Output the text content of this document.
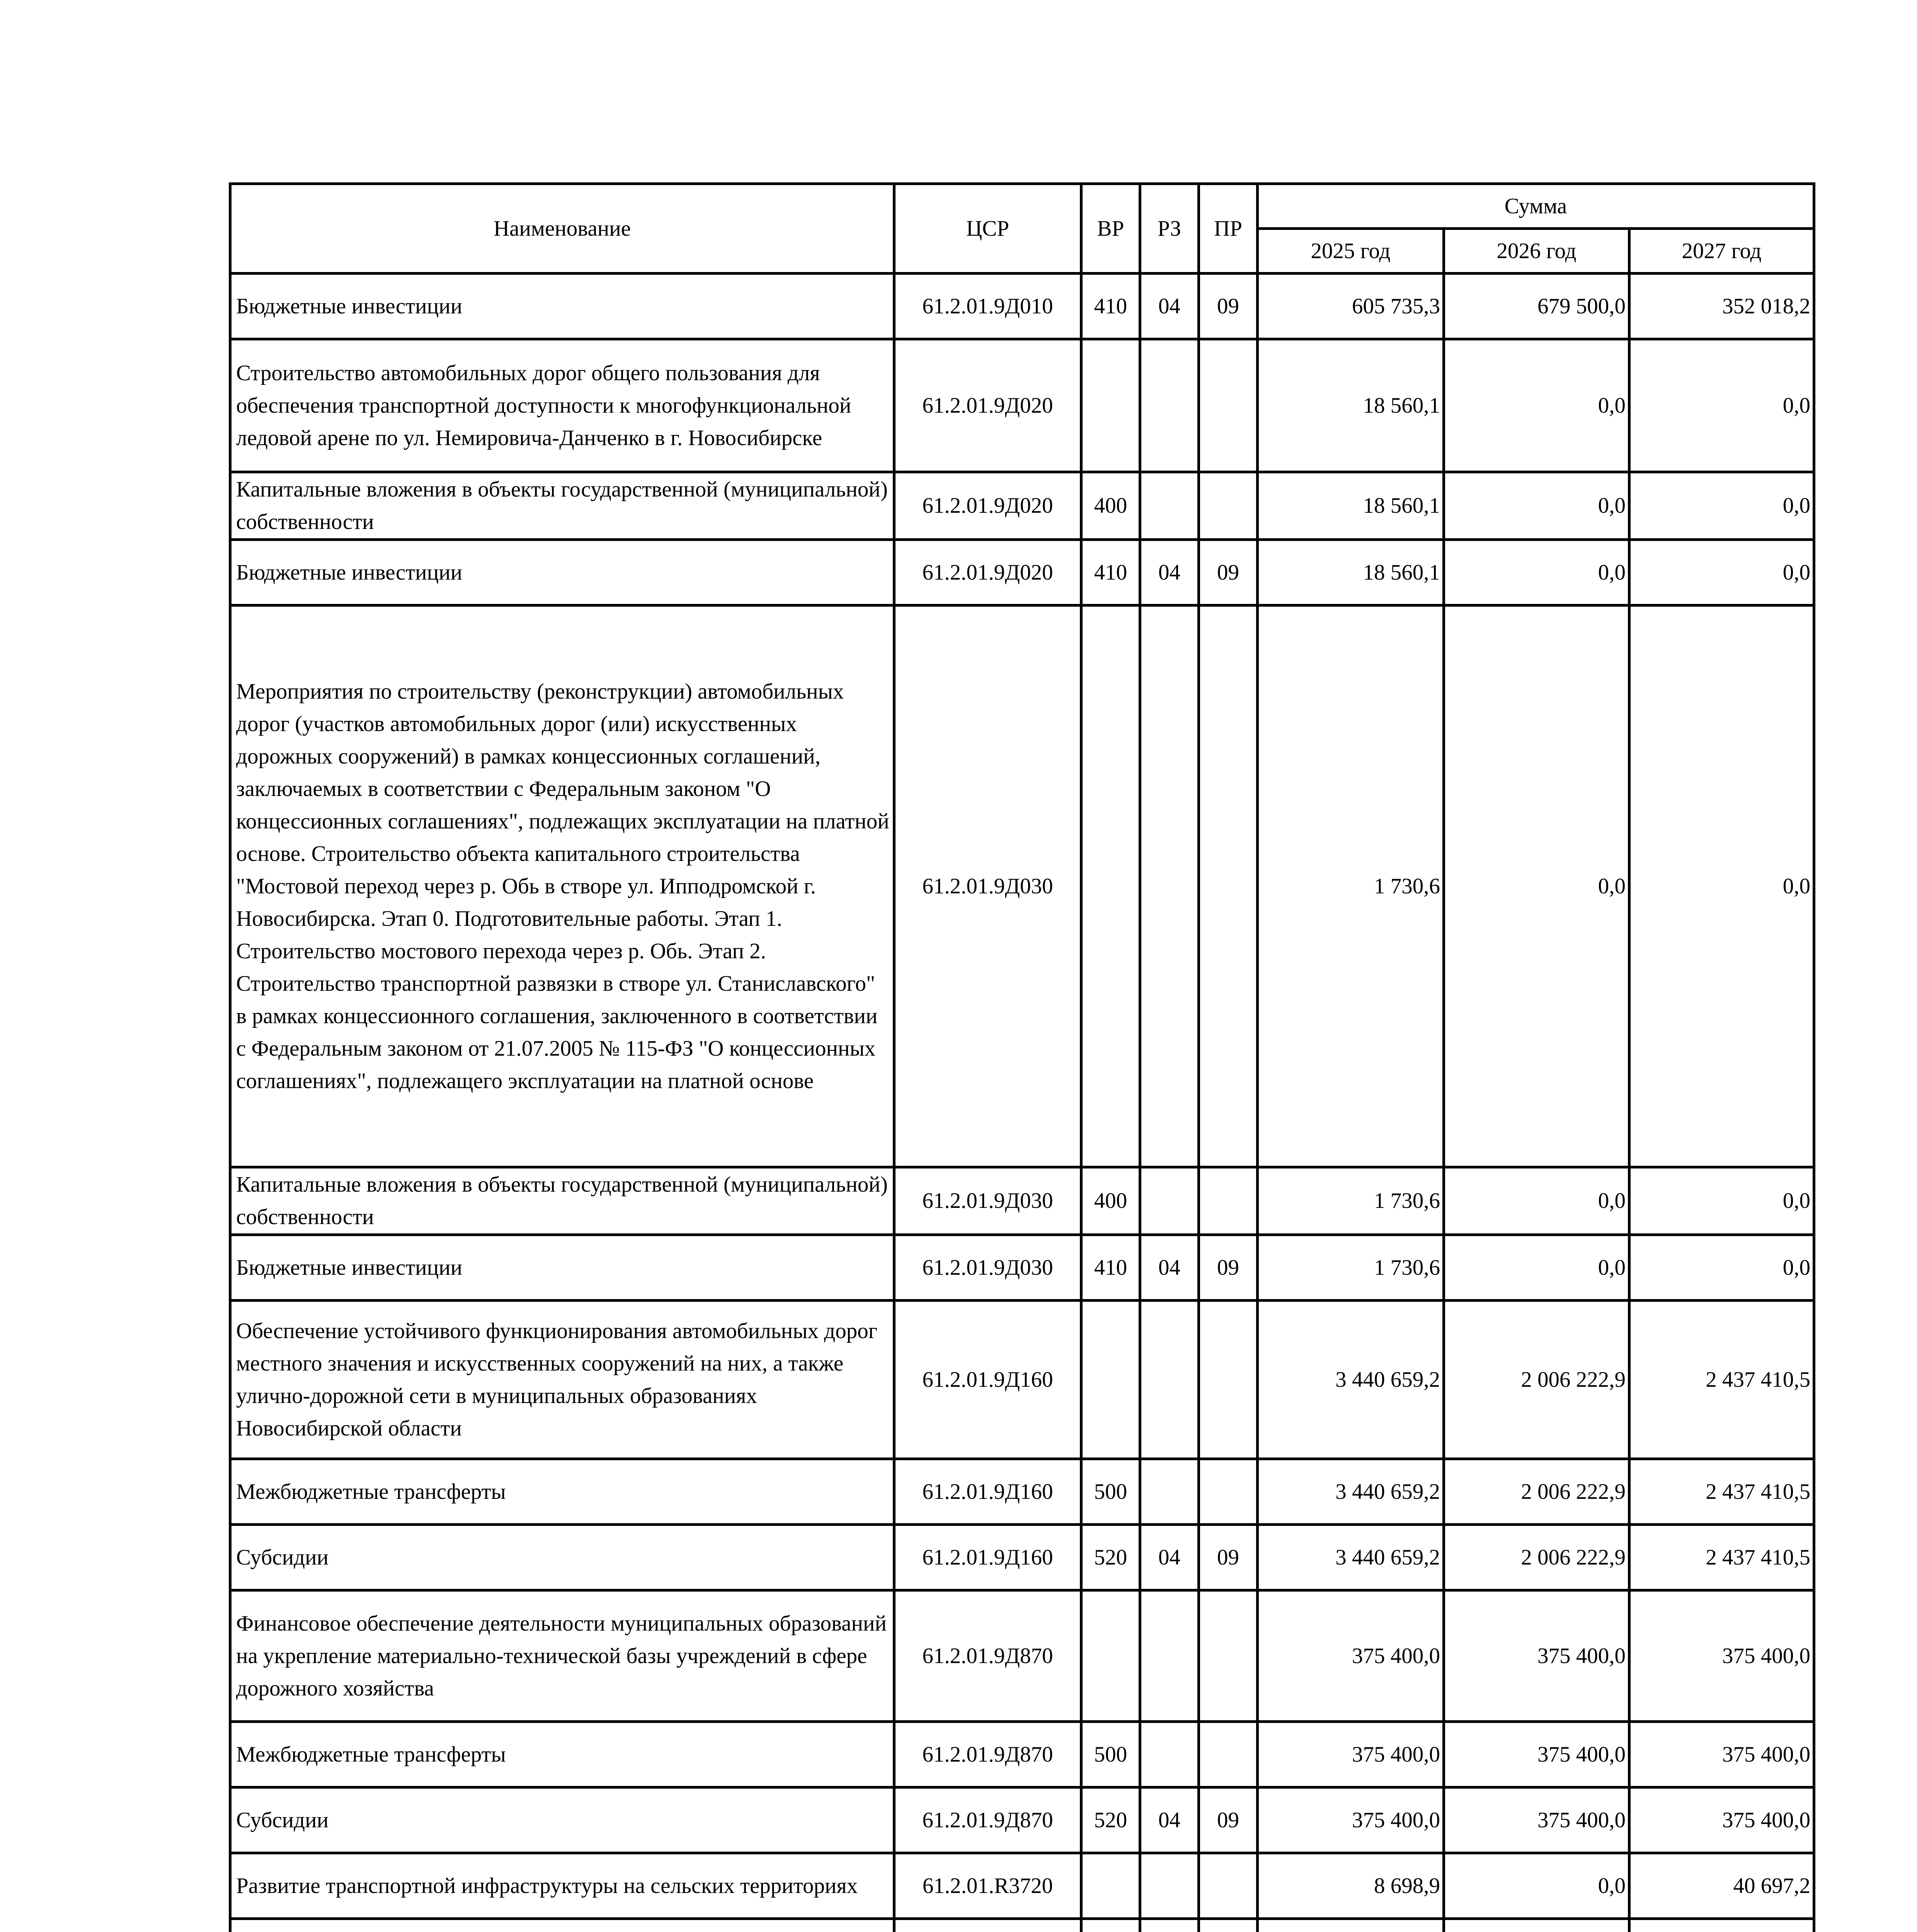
Наименование	ЦСР	ВР	РЗ	ПР	Сумма		
					2025 год	2026 год	2027 год
Бюджетные инвестиции	61.2.01.9Д010	410	04	09	605 735,3	679 500,0	352 018,2
Строительство автомобильных дорог общего пользования для обеспечения транспортной доступности к многофункциональной ледовой арене по ул. Немировича-Данченко в г. Новосибирске	61.2.01.9Д020				18 560,1	0,0	0,0
Капитальные вложения в объекты государственной (муниципальной) собственности	61.2.01.9Д020	400			18 560,1	0,0	0,0
Бюджетные инвестиции	61.2.01.9Д020	410	04	09	18 560,1	0,0	0,0
Мероприятия по строительству (реконструкции) автомобильных дорог (участков автомобильных дорог (или) искусственных дорожных сооружений) в рамках концессионных соглашений, заключаемых в соответствии с Федеральным законом "О концессионных соглашениях", подлежащих эксплуатации на платной основе. Строительство объекта капитального строительства "Мостовой переход через р. Обь в створе ул. Ипподромской г. Новосибирска. Этап 0. Подготовительные работы. Этап 1. Строительство мостового перехода через р. Обь. Этап 2. Строительство транспортной развязки в створе ул. Станиславского" в рамках концессионного соглашения, заключенного в соответствии с Федеральным законом от 21.07.2005 № 115-ФЗ "О концессионных соглашениях", подлежащего эксплуатации на платной основе	61.2.01.9Д030				1 730,6	0,0	0,0
Капитальные вложения в объекты государственной (муниципальной) собственности	61.2.01.9Д030	400			1 730,6	0,0	0,0
Бюджетные инвестиции	61.2.01.9Д030	410	04	09	1 730,6	0,0	0,0
Обеспечение устойчивого функционирования автомобильных дорог местного значения и искусственных сооружений на них, а также улично-дорожной сети в муниципальных образованиях Новосибирской области	61.2.01.9Д160				3 440 659,2	2 006 222,9	2 437 410,5
Межбюджетные трансферты	61.2.01.9Д160	500			3 440 659,2	2 006 222,9	2 437 410,5
Субсидии	61.2.01.9Д160	520	04	09	3 440 659,2	2 006 222,9	2 437 410,5
Финансовое обеспечение деятельности муниципальных образований на укрепление материально-технической базы учреждений в сфере дорожного хозяйства	61.2.01.9Д870				375 400,0	375 400,0	375 400,0
Межбюджетные трансферты	61.2.01.9Д870	500			375 400,0	375 400,0	375 400,0
Субсидии	61.2.01.9Д870	520	04	09	375 400,0	375 400,0	375 400,0
Развитие транспортной инфраструктуры на сельских территориях	61.2.01.R3720				8 698,9	0,0	40 697,2
